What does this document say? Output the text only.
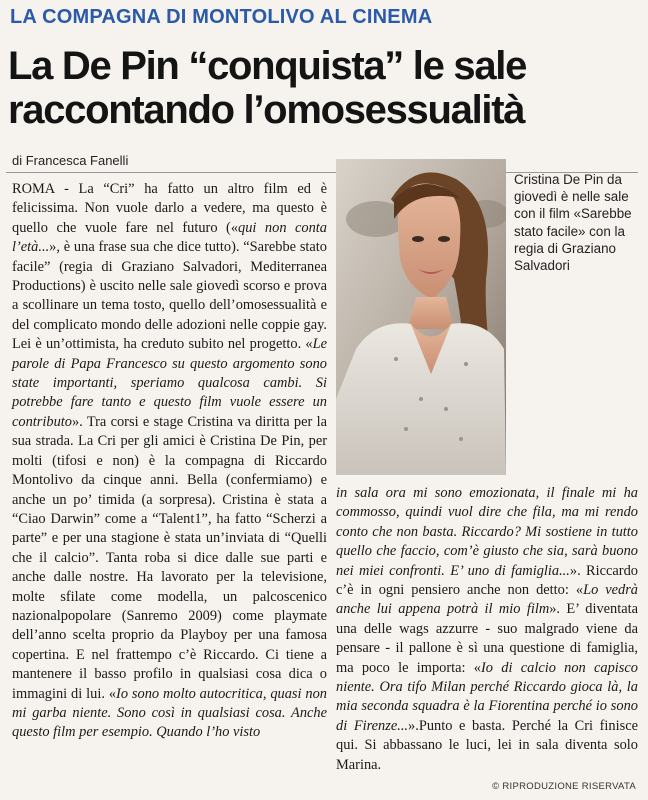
LA COMPAGNA DI MONTOLIVO AL CINEMA
La De Pin “conquista” le sale raccontando l’omosessualità
di Francesca Fanelli

ROMA - La “Cri” ha fatto un altro film ed è felicissima. Non vuole darlo a vedere, ma questo è quello che vuole fare nel futuro («qui non conta l’età...», è una frase sua che dice tutto). “Sarebbe stato facile” (regia di Graziano Salvadori, Mediterranea Productions) è uscito nelle sale giovedì scorso e prova a scollinare un tema tosto, quello dell’omosessualità e del complicato mondo delle adozioni nelle coppie gay. Lei è un’ottimista, ha creduto subito nel progetto. «Le parole di Papa Francesco su questo argomento sono state importanti, speriamo qualcosa cambi. Si potrebbe fare tanto e questo film vuole essere un contributo». Tra corsi e stage Cristina va diritta per la sua strada. La Cri per gli amici è Cristina De Pin, per molti (tifosi e non) è la compagna di Riccardo Montolivo da cinque anni. Bella (confermiamo) e anche un po’ timida (a sorpresa). Cristina è stata a “Ciao Darwin” come a “Talent1”, ha fatto “Scherzi a parte” e per una stagione è stata un’inviata di “Quelli che il calcio”. Tanta roba si dice dalle sue parti e anche dalle nostre. Ha lavorato per la televisione, molte sfilate come modella, un palcoscenico nazionalpopolare (Sanremo 2009) come playmate dell’anno scelta proprio da Playboy per una famosa copertina. E nel frattempo c’è Riccardo. Ci tiene a mantenere il basso profilo in qualsiasi cosa dica o immagini di lui. «Io sono molto autocritica, quasi non mi garba niente. Sono così in qualsiasi cosa. Anche questo film per esempio. Quando l’ho visto

Cristina De Pin da giovedì è nelle sale con il film «Sarebbe stato facile» con la regia di Graziano Salvadori

in sala ora mi sono emozionata, il finale mi ha commosso, quindi vuol dire che fila, ma mi rendo conto che non basta. Riccardo? Mi sostiene in tutto quello che faccio, com’è giusto che sia, sarà buono nei miei confronti. E’ uno di famiglia...». Riccardo c’è in ogni pensiero anche non detto: «Lo vedrà anche lui appena potrà il mio film». E’ diventata una delle wags azzurre - suo malgrado viene da pensare - il pallone è sì una questione di famiglia, ma poco le importa: «Io di calcio non capisco niente. Ora tifo Milan perché Riccardo gioca là, la mia seconda squadra è la Fiorentina perché io sono di Firenze...».Punto e basta. Perché la Cri finisce qui. Si abbassano le luci, lei in sala diventa solo Marina.

© RIPRODUZIONE RISERVATA
